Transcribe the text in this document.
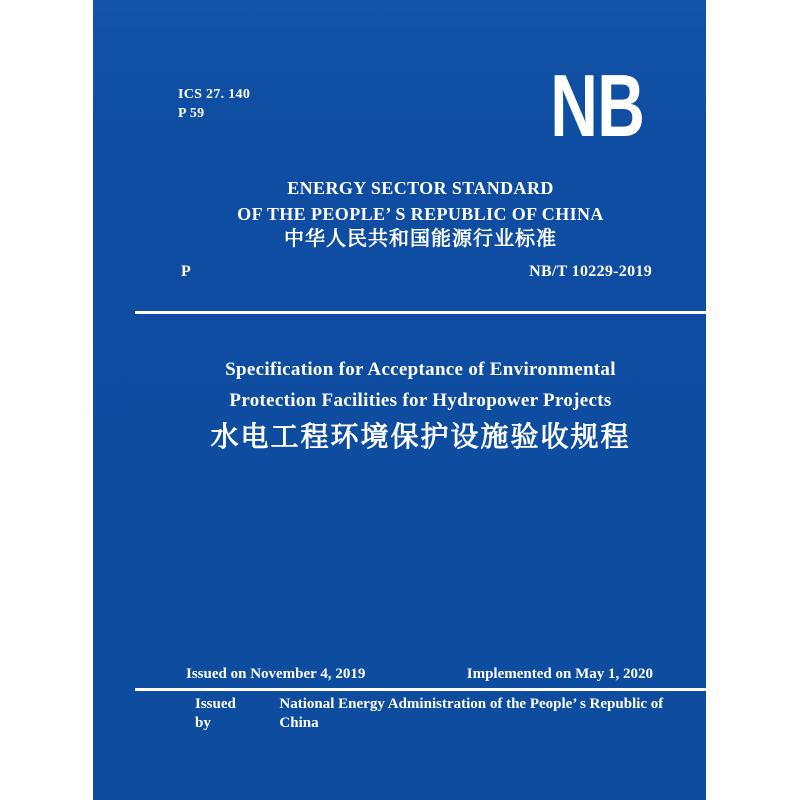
ICS 27. 140
P 59	NB
ENERGY SECTOR STANDARD
OF THE PEOPLE’ S REPUBLIC OF CHINA
中华人民共和国能源行业标准
P	NB/T 10229-2019
Specification for Acceptance of Environmental
Protection Facilities for Hydropower Projects
水电工程环境保护设施验收规程
Issued on November 4, 2019	Implemented on May 1, 2020
Issued by
National Energy Administration of the People’ s Republic of China
